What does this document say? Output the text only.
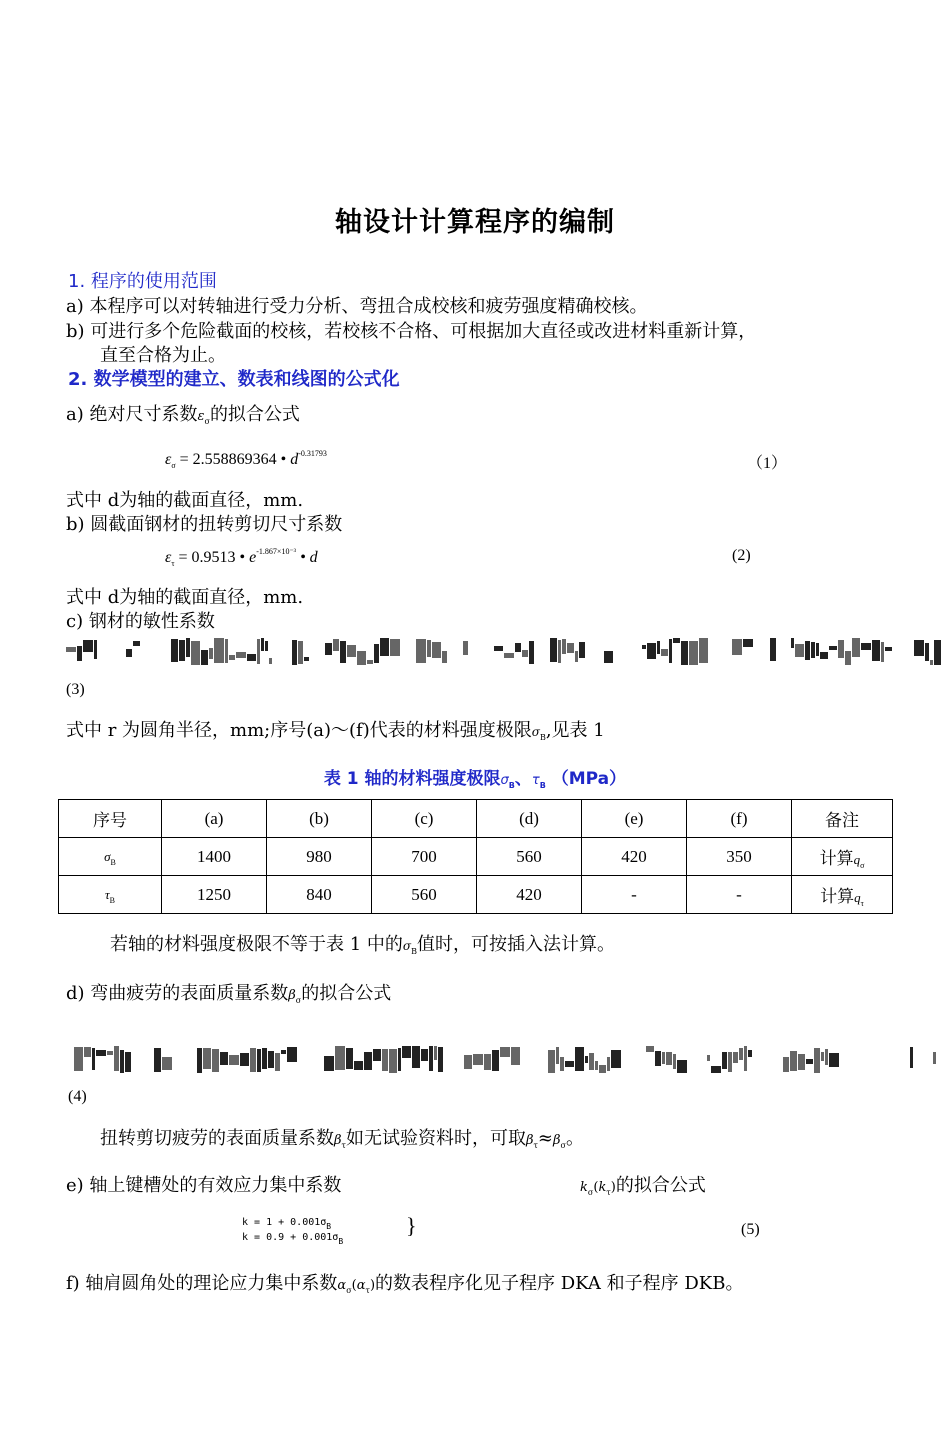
轴设计计算程序的编制
1. 程序的使用范围
a) 本程序可以对转轴进行受力分析、弯扭合成校核和疲劳强度精确校核。
b) 可进行多个危险截面的校核，若校核不合格、可根据加大直径或改进材料重新计算，
直至合格为止。
2. 数学模型的建立、数表和线图的公式化
a) 绝对尺寸系数$\varepsilon_\sigma$的拟合公式
$\varepsilon_\sigma = 2.558869364$ • $d^{-0.31793}$
（1）
式中 d为轴的截面直径，mm.
b) 圆截面钢材的扭转剪切尺寸系数
$\varepsilon_\tau = 0.9513$ • $e^{-1.867\times 10^{-3}}$ • d	(2)
式中 d为轴的截面直径，mm.
c) 钢材的敏性系数
(3)
式中 r 为圆角半径，mm;序号(a)～(f)代表的材料强度极限$\sigma_B$,见表 1
表 1 轴的材料强度极限$\sigma_B$、$\tau_B$ （MPa）
序号	(a)	(b)	(c)	(d)	(e)	(f)	备注
$\sigma_B$	1400	980	700	560	420	350	计算$q_\sigma$
$\tau_B$	1250	840	560	420	-	-	计算$q_\tau$
若轴的材料强度极限不等于表 1 中的$\sigma_B$值时，可按插入法计算。
d) 弯曲疲劳的表面质量系数$\beta_\sigma$的拟合公式
(4)
扭转剪切疲劳的表面质量系数$\beta_\tau$如无试验资料时，可取$\beta_\tau\approx\beta_\sigma$。
e) 轴上键槽处的有效应力集中系数	$k_\sigma(k_\tau)$的拟合公式
$k = 1 + 0.001\sigma_B$
$k = 0.9 + 0.001\sigma_B$
}	(5)
f) 轴肩圆角处的理论应力集中系数$\alpha_\sigma(\alpha_\tau)$的数表程序化见子程序 DKA 和子程序 DKB。
